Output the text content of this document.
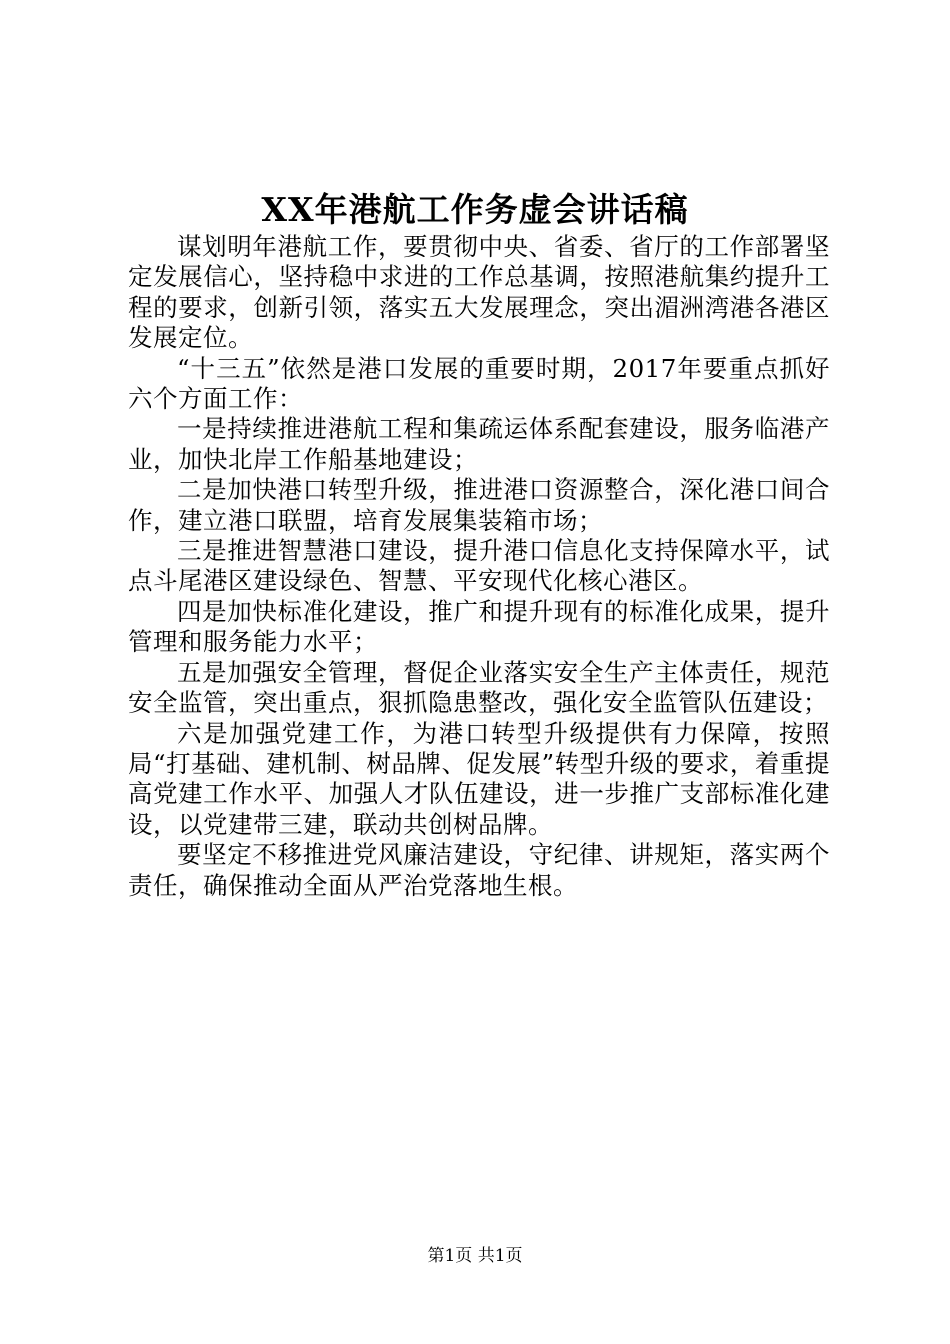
XX年港航工作务虚会讲话稿

谋划明年港航工作，要贯彻中央、省委、省厅的工作部署坚定发展信心，坚持稳中求进的工作总基调，按照港航集约提升工程的要求，创新引领，落实五大发展理念，突出湄洲湾港各港区发展定位。

“十三五”依然是港口发展的重要时期，2017年要重点抓好六个方面工作：

一是持续推进港航工程和集疏运体系配套建设，服务临港产业，加快北岸工作船基地建设；

二是加快港口转型升级，推进港口资源整合，深化港口间合作，建立港口联盟，培育发展集装箱市场；

三是推进智慧港口建设，提升港口信息化支持保障水平，试点斗尾港区建设绿色、智慧、平安现代化核心港区。

四是加快标准化建设，推广和提升现有的标准化成果，提升管理和服务能力水平；

五是加强安全管理，督促企业落实安全生产主体责任，规范安全监管，突出重点，狠抓隐患整改，强化安全监管队伍建设；

六是加强党建工作，为港口转型升级提供有力保障，按照局“打基础、建机制、树品牌、促发展”转型升级的要求，着重提高党建工作水平、加强人才队伍建设，进一步推广支部标准化建设，以党建带三建，联动共创树品牌。

要坚定不移推进党风廉洁建设，守纪律、讲规矩，落实两个责任，确保推动全面从严治党落地生根。

第1页 共1页
